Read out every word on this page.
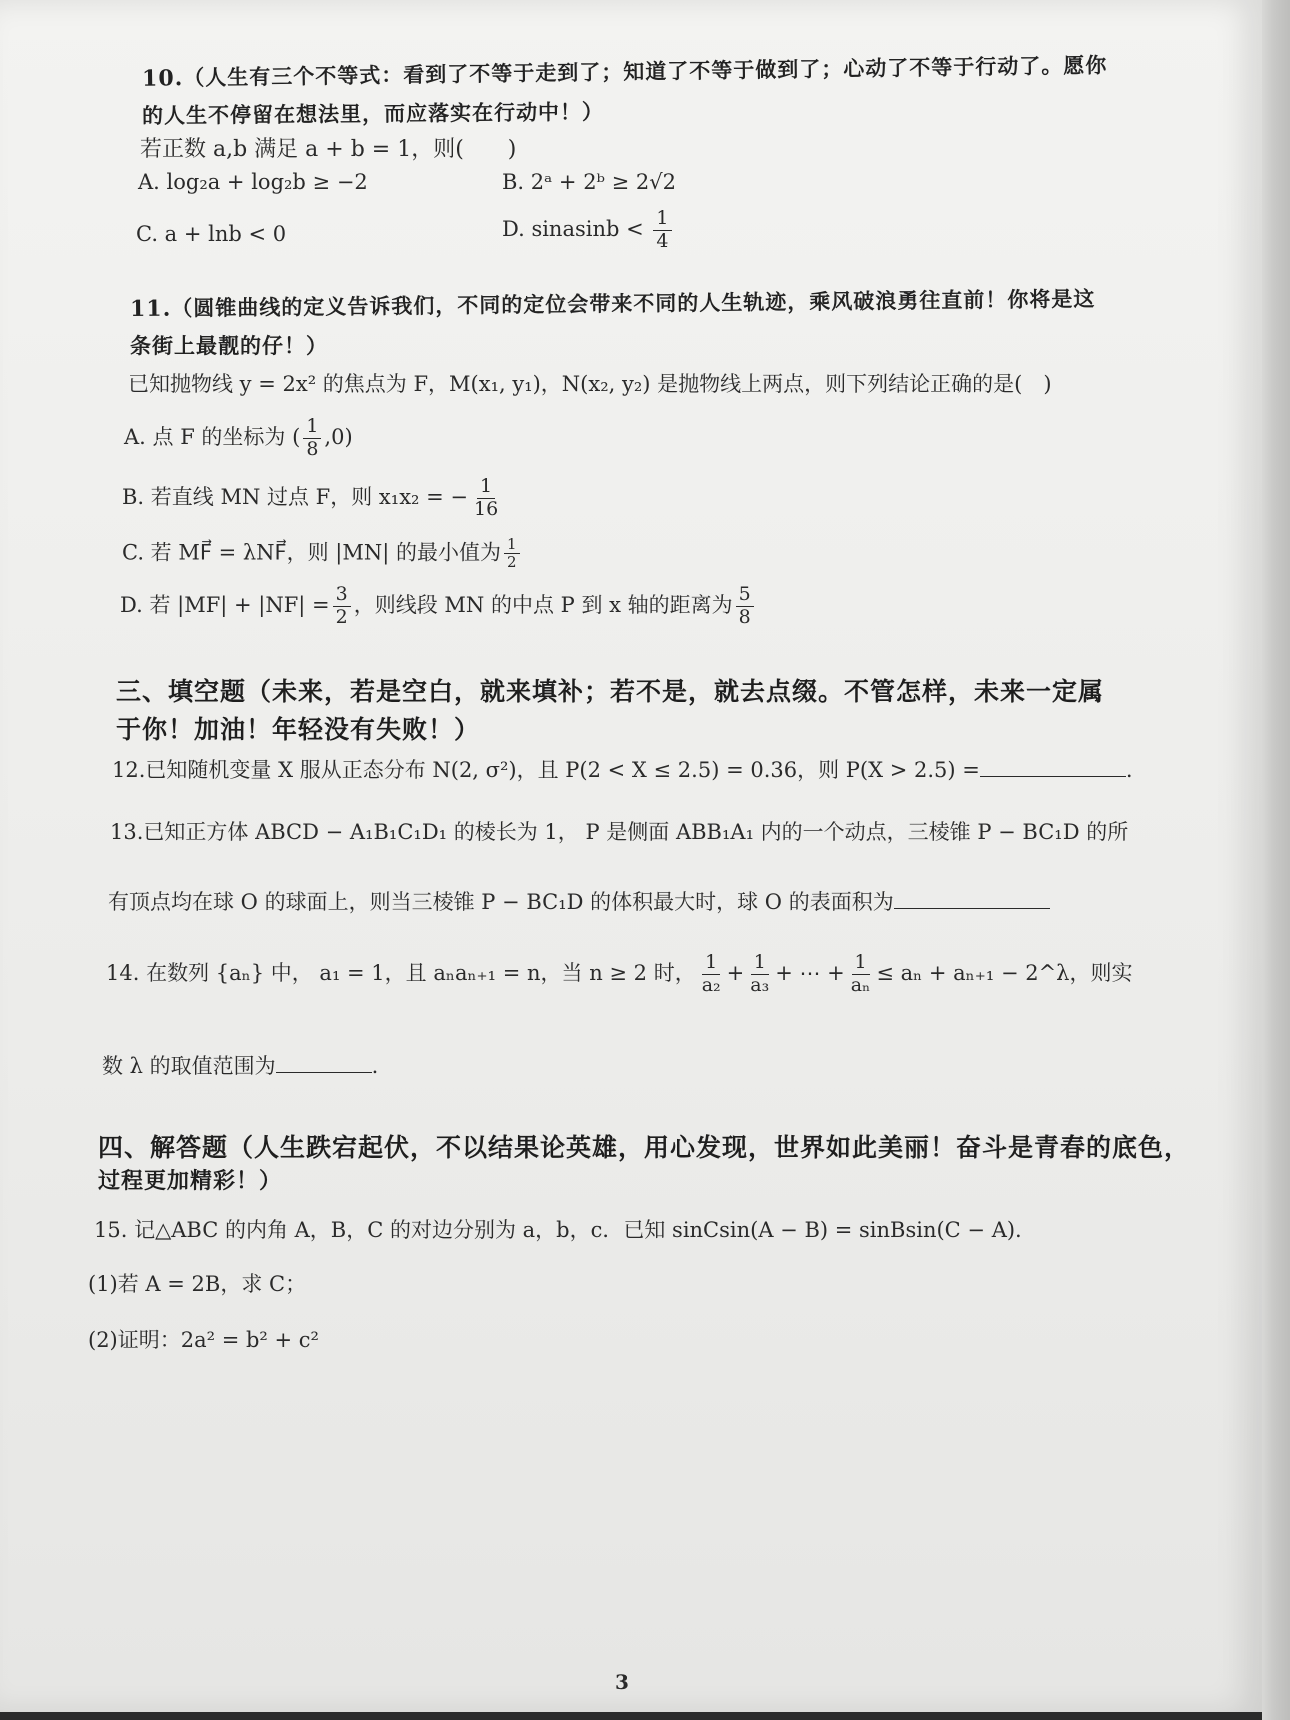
10.（人生有三个不等式：看到了不等于走到了；知道了不等于做到了；心动了不等于行动了。愿你
的人生不停留在想法里，而应落实在行动中！）
若正数 a,b 满足 a + b = 1，则(　　)
A. log₂a + log₂b ≥ −2	B. 2ᵃ + 2ᵇ ≥ 2√2
C. a + lnb < 0	D. sinasinb < $\frac{1}{4}$
11.（圆锥曲线的定义告诉我们，不同的定位会带来不同的人生轨迹，乘风破浪勇往直前！你将是这
条街上最靓的仔！）
已知抛物线 y = 2x² 的焦点为 F，M(x₁, y₁)，N(x₂, y₂) 是抛物线上两点，则下列结论正确的是(　)
A. 点 F 的坐标为 ( $\frac{1}{8} ,0$)
B. 若直线 MN 过点 F，则 x₁x₂ = − $\frac{1}{16}$
C. 若 MF⃗ = λNF⃗，则 |MN| 的最小值为 $\frac{1}{2}$
D. 若 $|MF| + |NF| = \frac{3}{2}$ ，则线段 MN 的中点 P 到 x 轴的距离为 $\frac{5}{8}$
三、填空题（未来，若是空白，就来填补；若不是，就去点缀。不管怎样，未来一定属
于你！加油！年轻没有失败！）
12.已知随机变量 X 服从正态分布 N(2, σ²)，且 P(2 < X ≤ 2.5) = 0.36，则 P(X > 2.5) =	.
13.已知正方体 ABCD − A₁B₁C₁D₁ 的棱长为 1， P 是侧面 ABB₁A₁ 内的一个动点，三棱锥 P − BC₁D 的所
有顶点均在球 O 的球面上，则当三棱锥 P − BC₁D 的体积最大时，球 O 的表面积为
14. 在数列 {aₙ} 中， a₁ = 1，且 aₙaₙ₊₁ = n，当 n ≥ 2 时， $\frac{1}{\text{a₂}} + \frac{1}{\text{a₃}}$ + ⋯ + $\frac{1}{\text{aₙ}} \le a_n + a_{n+1}$ − 2^λ，则实
数 λ 的取值范围为	.
四、解答题（人生跌宕起伏，不以结果论英雄，用心发现，世界如此美丽！奋斗是青春的底色，
过程更加精彩！）
15. 记△ABC 的内角 A，B，C 的对边分别为 a，b，c．已知 sinCsin(A − B) = sinBsin(C − A).
(1)若 A = 2B，求 C；
(2)证明：2a² = b² + c²
3
